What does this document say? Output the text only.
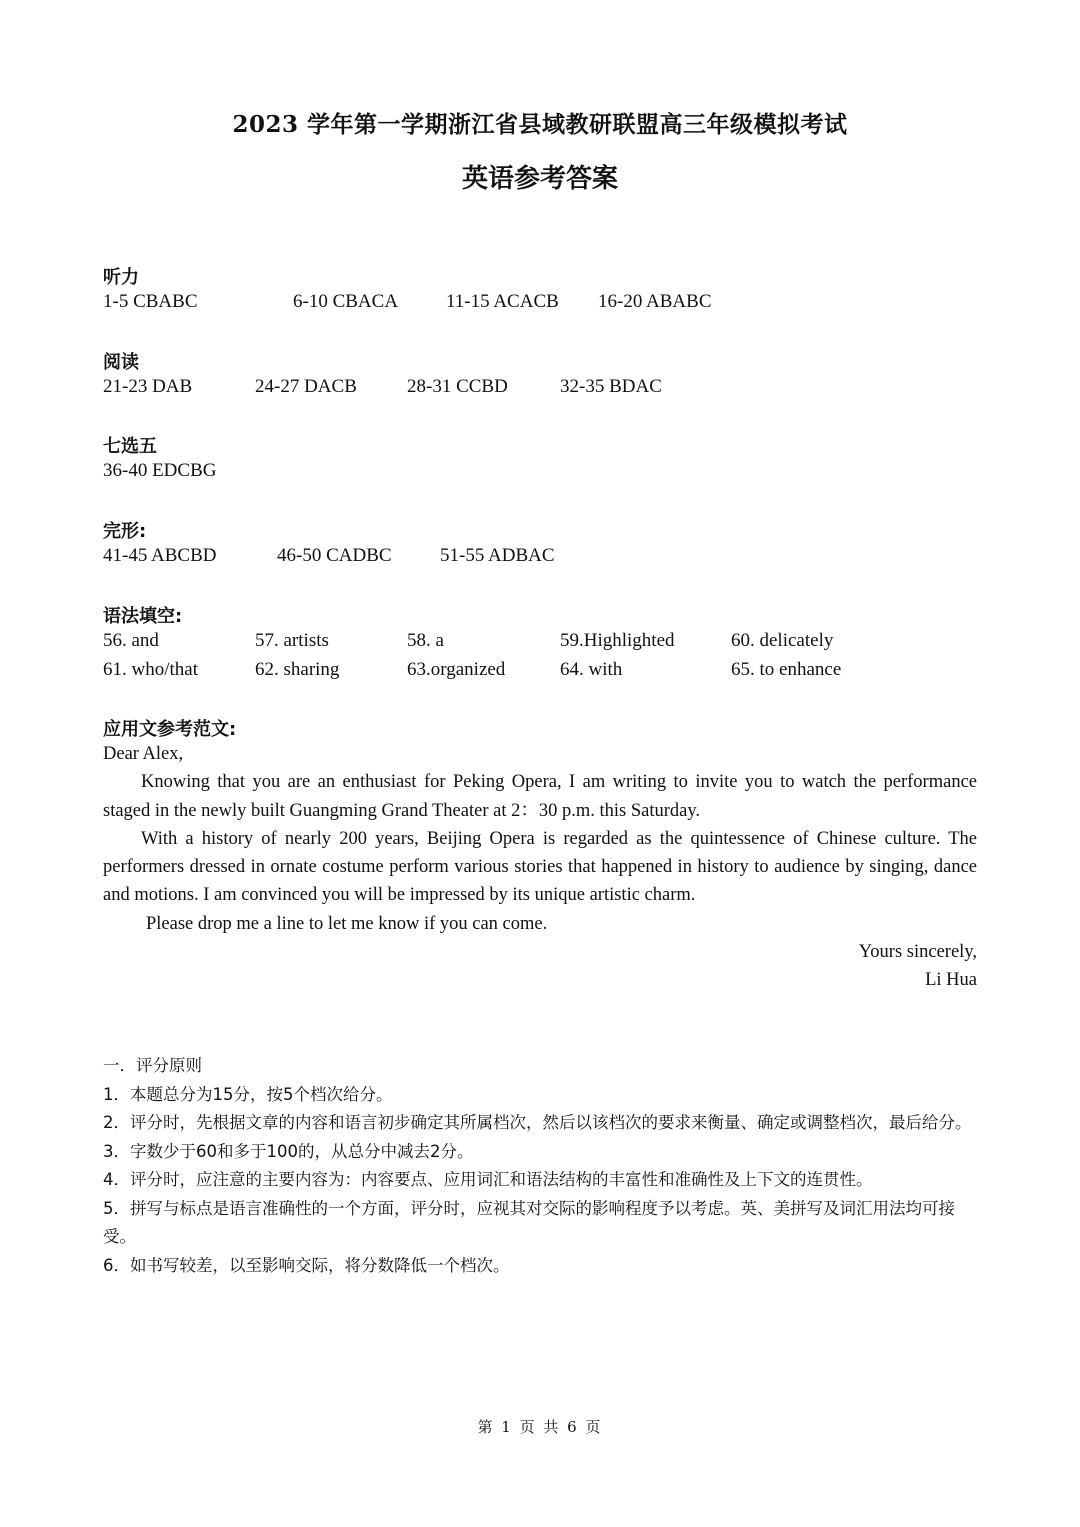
2023 学年第一学期浙江省县域教研联盟高三年级模拟考试
英语参考答案
听力
1-5 CBABC	6-10 CBACA	11-15 ACACB 16-20 ABABC
阅读
21-23 DAB	24-27 DACB	28-31 CCBD	32-35 BDAC
七选五
36-40 EDCBG
完形:
41-45 ABCBD	46-50 CADBC	51-55 ADBAC
语法填空:
56. and	57. artists	58. a	59.Highlighted	60. delicately
61. who/that	62. sharing	63.organized	64. with	65. to enhance
应用文参考范文:

Dear Alex,

Knowing that you are an enthusiast for Peking Opera, I am writing to invite you to watch the performance staged in the newly built Guangming Grand Theater at 2：30 p.m. this Saturday.

With a history of nearly 200 years, Beijing Opera is regarded as the quintessence of Chinese culture. The performers dressed in ornate costume perform various stories that happened in history to audience by singing, dance and motions. I am convinced you will be impressed by its unique artistic charm.

Please drop me a line to let me know if you can come.

Yours sincerely,

Li Hua

一．评分原则

1．本题总分为15分，按5个档次给分。

2．评分时，先根据文章的内容和语言初步确定其所属档次，然后以该档次的要求来衡量、确定或调整档次，最后给分。

3．字数少于60和多于100的，从总分中减去2分。

4．评分时，应注意的主要内容为：内容要点、应用词汇和语法结构的丰富性和准确性及上下文的连贯性。

5．拼写与标点是语言准确性的一个方面，评分时，应视其对交际的影响程度予以考虑。英、美拼写及词汇用法均可接受。

6．如书写较差，以至影响交际，将分数降低一个档次。

第 1 页 共 6 页
